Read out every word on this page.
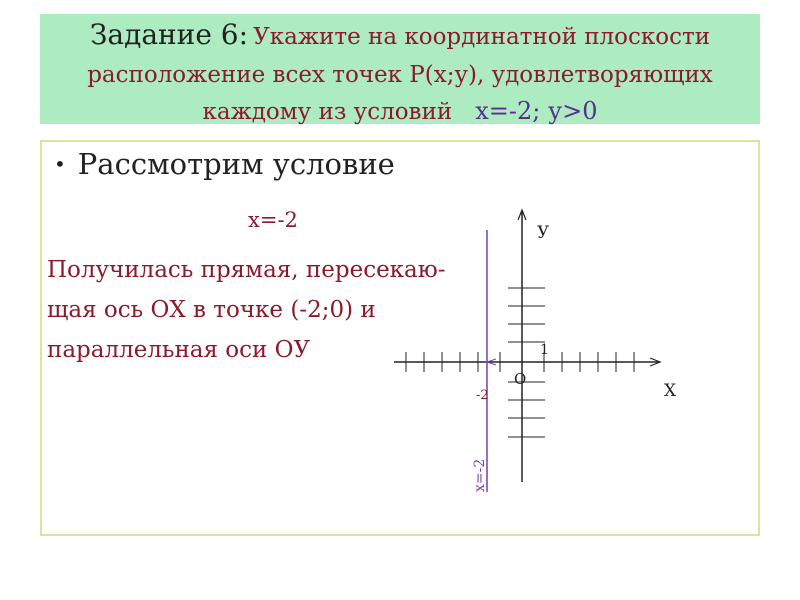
Задание 6: Укажите на координатной плоскости
расположение всех точек Р(х;у), удовлетворяющих
каждому из условий х=-2; у>0
• Рассмотрим условие
х=-2
Получилась прямая, пересекаю-
щая ось ОХ в точке (-2;0) и
параллельная оси ОУ
У
Х
О
1
-2
х=-2
